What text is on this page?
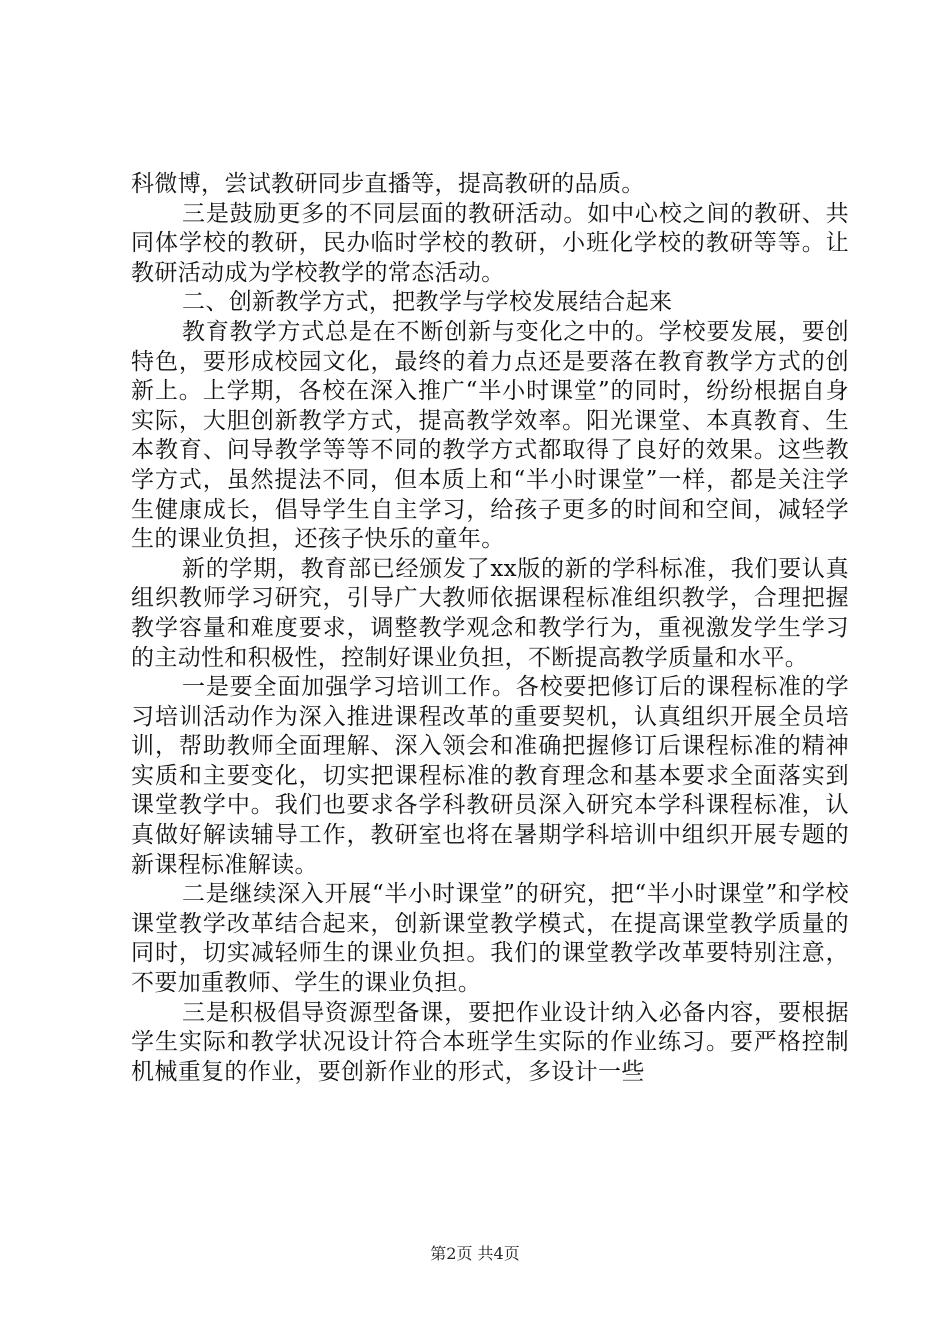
科微博，尝试教研同步直播等，提高教研的品质。

三是鼓励更多的不同层面的教研活动。如中心校之间的教研、共同体学校的教研，民办临时学校的教研，小班化学校的教研等等。让教研活动成为学校教学的常态活动。

二、创新教学方式，把教学与学校发展结合起来

教育教学方式总是在不断创新与变化之中的。学校要发展，要创特色，要形成校园文化，最终的着力点还是要落在教育教学方式的创新上。上学期，各校在深入推广“半小时课堂”的同时，纷纷根据自身实际，大胆创新教学方式，提高教学效率。阳光课堂、本真教育、生本教育、问导教学等等不同的教学方式都取得了良好的效果。这些教学方式，虽然提法不同，但本质上和“半小时课堂”一样，都是关注学生健康成长，倡导学生自主学习，给孩子更多的时间和空间，减轻学生的课业负担，还孩子快乐的童年。

新的学期，教育部已经颁发了xx版的新的学科标准，我们要认真组织教师学习研究，引导广大教师依据课程标准组织教学，合理把握教学容量和难度要求，调整教学观念和教学行为，重视激发学生学习的主动性和积极性，控制好课业负担，不断提高教学质量和水平。

一是要全面加强学习培训工作。各校要把修订后的课程标准的学习培训活动作为深入推进课程改革的重要契机，认真组织开展全员培训，帮助教师全面理解、深入领会和准确把握修订后课程标准的精神实质和主要变化，切实把课程标准的教育理念和基本要求全面落实到课堂教学中。我们也要求各学科教研员深入研究本学科课程标准，认真做好解读辅导工作，教研室也将在暑期学科培训中组织开展专题的新课程标准解读。

二是继续深入开展“半小时课堂”的研究，把“半小时课堂”和学校课堂教学改革结合起来，创新课堂教学模式，在提高课堂教学质量的同时，切实减轻师生的课业负担。我们的课堂教学改革要特别注意，不要加重教师、学生的课业负担。

三是积极倡导资源型备课，要把作业设计纳入必备内容，要根据学生实际和教学状况设计符合本班学生实际的作业练习。要严格控制机械重复的作业，要创新作业的形式，多设计一些

第2页 共4页
